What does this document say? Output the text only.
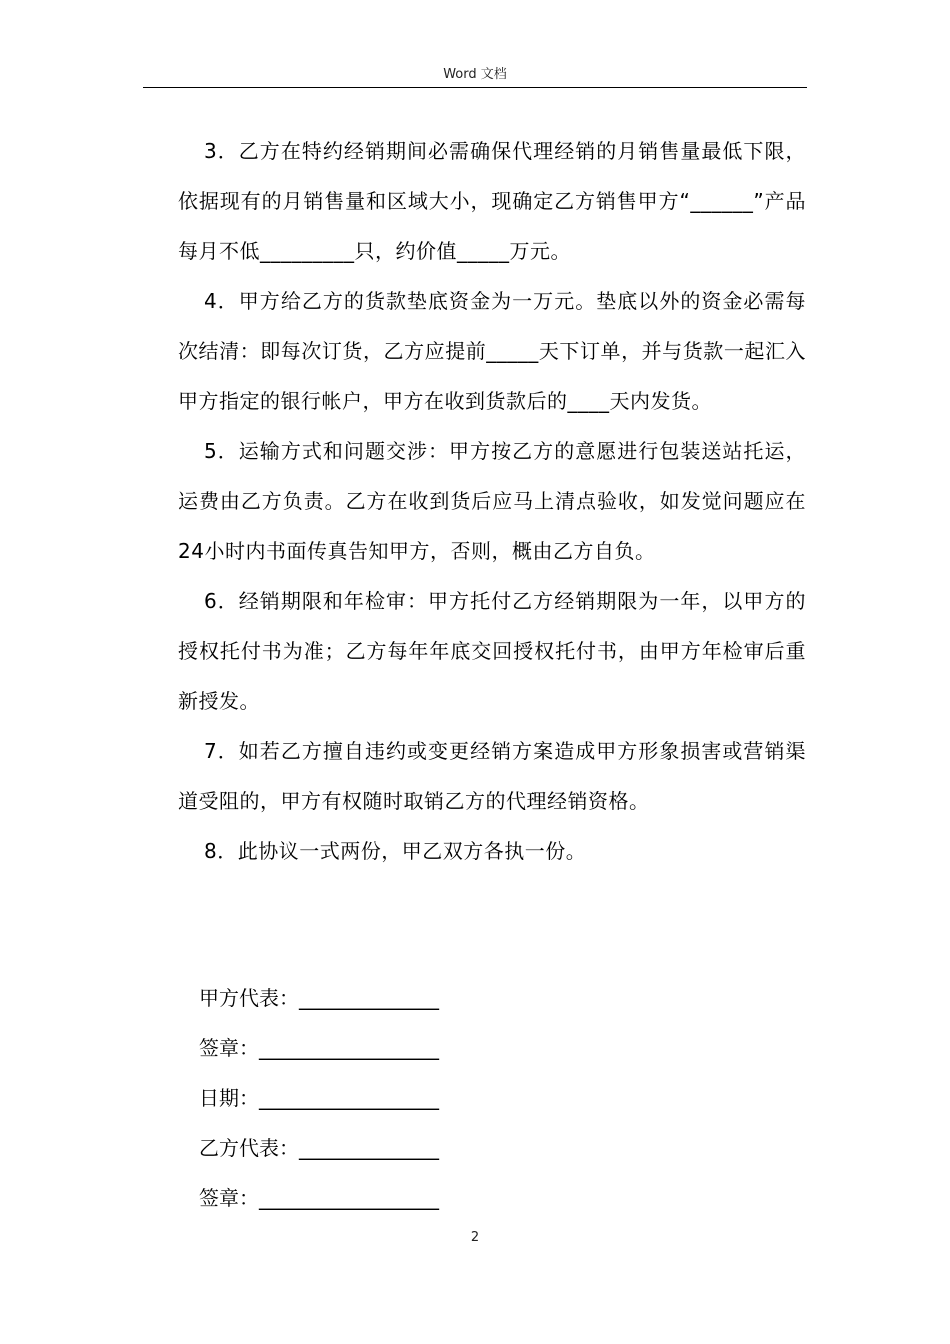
Word 文档

3．乙方在特约经销期间必需确保代理经销的月销售量最低下限，依据现有的月销售量和区域大小，现确定乙方销售甲方“______”产品每月不低_________只，约价值_____万元。

4．甲方给乙方的货款垫底资金为一万元。垫底以外的资金必需每次结清：即每次订货，乙方应提前_____天下订单，并与货款一起汇入甲方指定的银行帐户，甲方在收到货款后的____天内发货。

5．运输方式和问题交涉：甲方按乙方的意愿进行包装送站托运，运费由乙方负责。乙方在收到货后应马上清点验收，如发觉问题应在24小时内书面传真告知甲方，否则，概由乙方自负。

6．经销期限和年检审：甲方托付乙方经销期限为一年，以甲方的授权托付书为准；乙方每年年底交回授权托付书，由甲方年检审后重新授发。

7．如若乙方擅自违约或变更经销方案造成甲方形象损害或营销渠道受阻的，甲方有权随时取销乙方的代理经销资格。

8．此协议一式两份，甲乙双方各执一份。

甲方代表：______________
签章：__________________
日期：__________________
乙方代表：______________
签章：__________________
2
